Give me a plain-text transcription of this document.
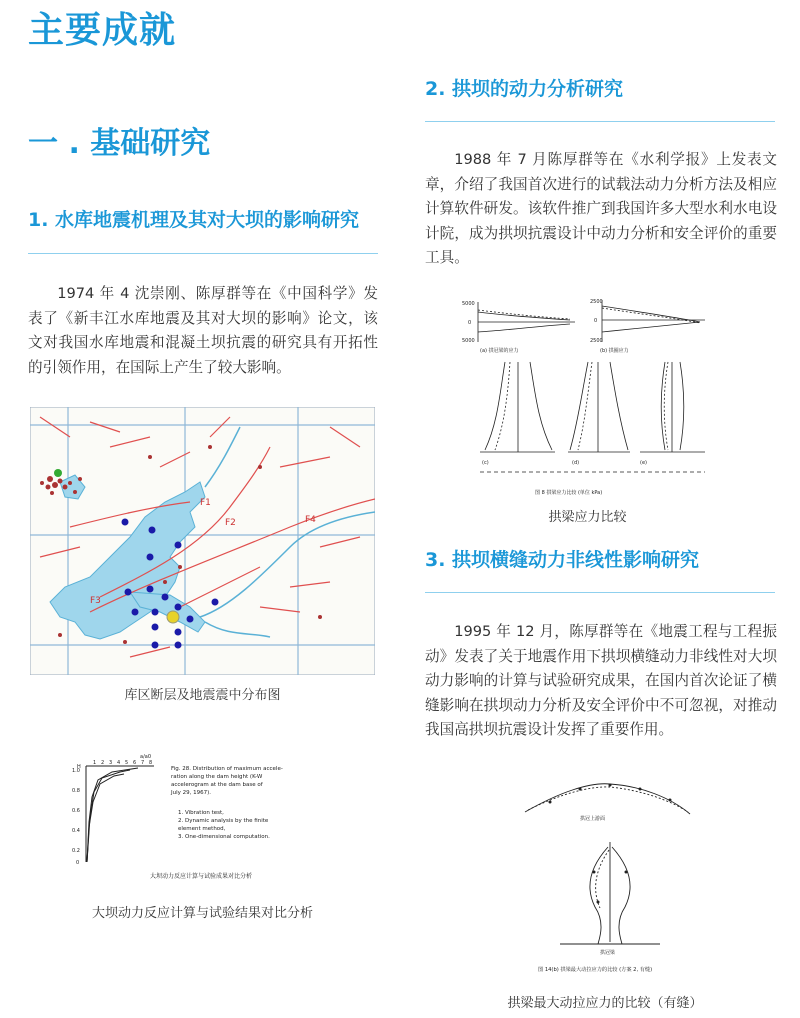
主要成就
一 . 基础研究
1. 水库地震机理及其对大坝的影响研究
1974 年 4 沈崇刚、陈厚群等在《中国科学》发表了《新丰江水库地震及其对大坝的影响》论文，该文对我国水库地震和混凝土坝抗震的研究具有开拓性的引领作用，在国际上产生了较大影响。
F1
F2
F3
F4
库区断层及地震震中分布图
H
a/a0
1 2 3 4 5 6 7 8
1.0
0.8
0.6
0.4
0.2
0
Fig. 28. Distribution of maximum accele-
ration along the dam height (K-W
accelerogram at the dam base of
July 29, 1967).
1. Vibration test,
2. Dynamic analysis by the finite
element method,
3. One-dimensional computation.
大坝动力反应计算与试验成果对比分析
大坝动力反应计算与试验结果对比分析
2. 拱坝的动力分析研究
1988 年 7 月陈厚群等在《水利学报》上发表文章，介绍了我国首次进行的试载法动力分析方法及相应计算软件研发。该软件推广到我国许多大型水利水电设计院，成为拱坝抗震设计中动力分析和安全评价的重要工具。
5000
0
5000
2500
0
2500
(a) 拱冠梁的应力	(b) 拱圈应力
(c)	(d)	(e)
图 8 拱梁应力比较 (单位 kPa)
拱梁应力比较
3. 拱坝横缝动力非线性影响研究
1995 年 12 月，陈厚群等在《地震工程与工程振动》发表了关于地震作用下拱坝横缝动力非线性对大坝动力影响的计算与试验研究成果，在国内首次论证了横缝影响在拱坝动力分析及安全评价中不可忽视，对推动我国高拱坝抗震设计发挥了重要作用。
拱冠上游面
拱冠梁
图 14(b) 拱梁最大动拉应力的比较 (方案 2, 有缝)
拱梁最大动拉应力的比较（有缝）
